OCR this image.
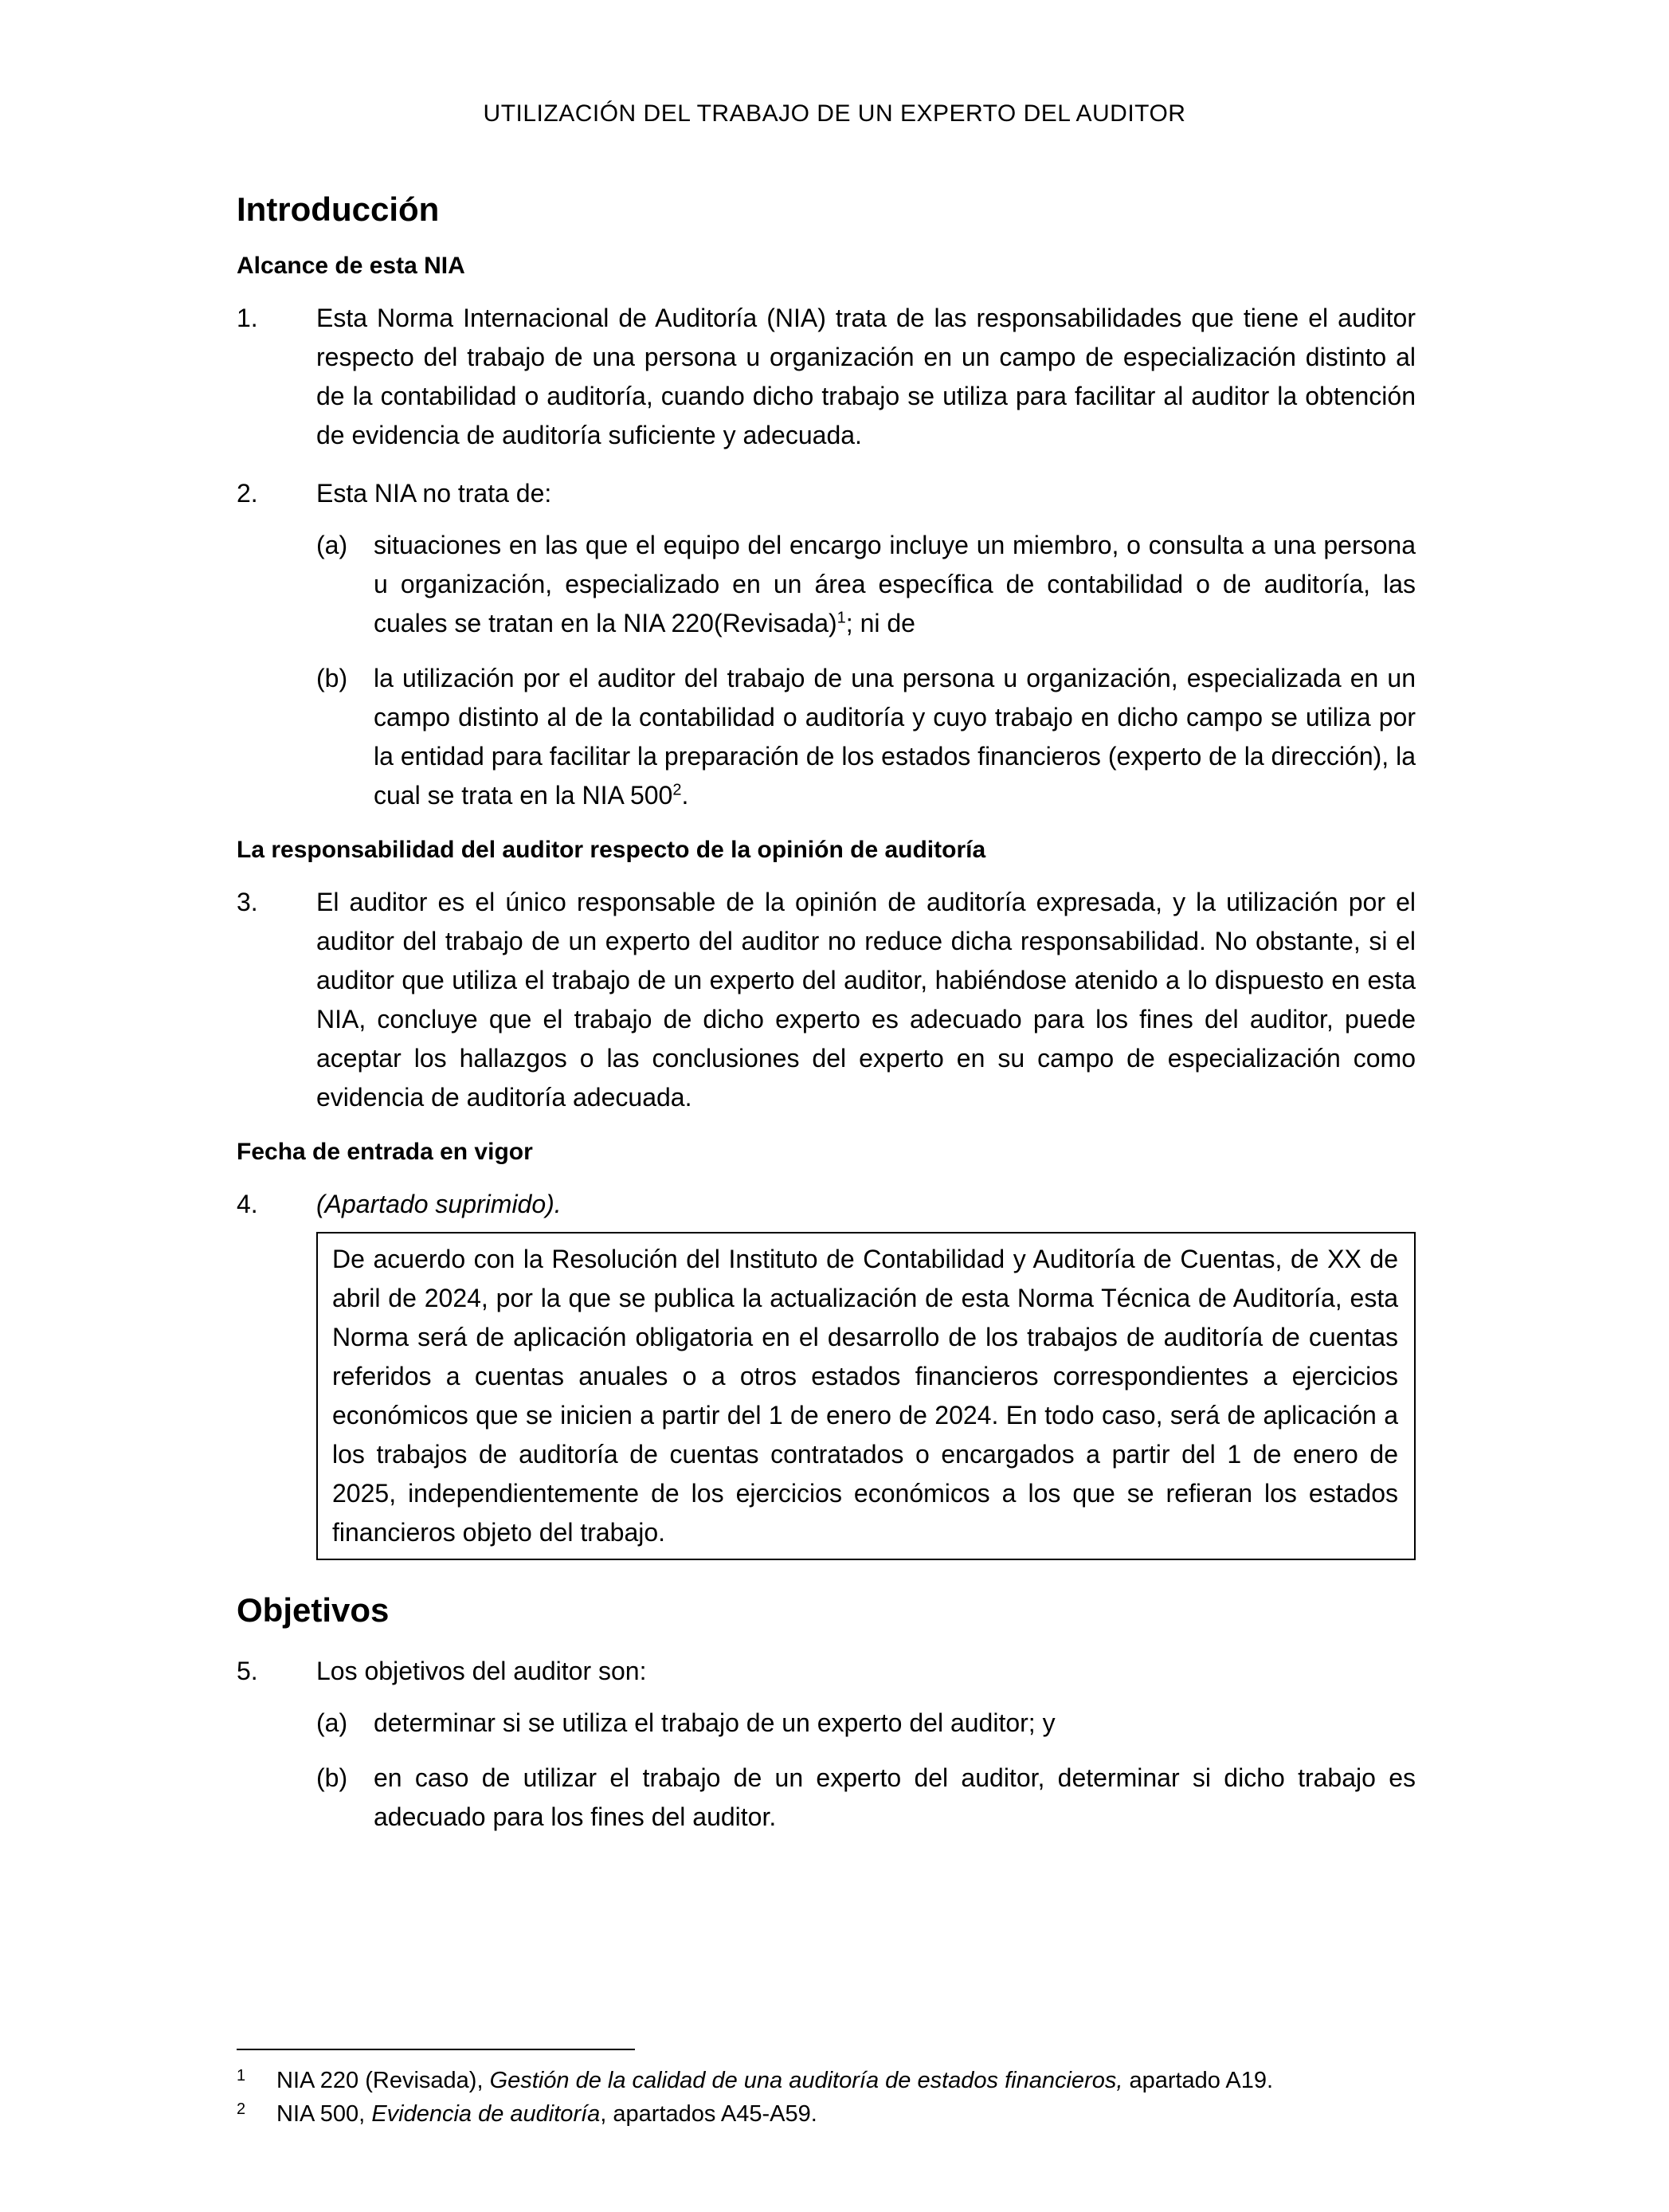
UTILIZACIÓN DEL TRABAJO DE UN EXPERTO DEL AUDITOR
Introducción
Alcance de esta NIA
1.	Esta Norma Internacional de Auditoría (NIA) trata de las responsabilidades que tiene el auditor respecto del trabajo de una persona u organización en un campo de especialización distinto al de la contabilidad o auditoría, cuando dicho trabajo se utiliza para facilitar al auditor la obtención de evidencia de auditoría suficiente y adecuada.
2.	Esta NIA no trata de:
(a)	situaciones en las que el equipo del encargo incluye un miembro, o consulta a una persona u organización, especializado en un área específica de contabilidad o de auditoría, las cuales se tratan en la NIA 220(Revisada)$^1$; ni de
(b)	la utilización por el auditor del trabajo de una persona u organización, especializada en un campo distinto al de la contabilidad o auditoría y cuyo trabajo en dicho campo se utiliza por la entidad para facilitar la preparación de los estados financieros (experto de la dirección), la cual se trata en la NIA $500^2$.
La responsabilidad del auditor respecto de la opinión de auditoría
3.	El auditor es el único responsable de la opinión de auditoría expresada, y la utilización por el auditor del trabajo de un experto del auditor no reduce dicha responsabilidad. No obstante, si el auditor que utiliza el trabajo de un experto del auditor, habiéndose atenido a lo dispuesto en esta NIA, concluye que el trabajo de dicho experto es adecuado para los fines del auditor, puede aceptar los hallazgos o las conclusiones del experto en su campo de especialización como evidencia de auditoría adecuada.
Fecha de entrada en vigor
4.	(Apartado suprimido).
De acuerdo con la Resolución del Instituto de Contabilidad y Auditoría de Cuentas, de XX de abril de 2024, por la que se publica la actualización de esta Norma Técnica de Auditoría, esta Norma será de aplicación obligatoria en el desarrollo de los trabajos de auditoría de cuentas referidos a cuentas anuales o a otros estados financieros correspondientes a ejercicios económicos que se inicien a partir del 1 de enero de 2024. En todo caso, será de aplicación a los trabajos de auditoría de cuentas contratados o encargados a partir del 1 de enero de 2025, independientemente de los ejercicios económicos a los que se refieran los estados financieros objeto del trabajo.
Objetivos
5.	Los objetivos del auditor son:
(a)	determinar si se utiliza el trabajo de un experto del auditor; y
(b)	en caso de utilizar el trabajo de un experto del auditor, determinar si dicho trabajo es adecuado para los fines del auditor.
1	NIA 220 (Revisada), Gestión de la calidad de una auditoría de estados financieros, apartado A19.
2	NIA 500, Evidencia de auditoría, apartados A45-A59.
